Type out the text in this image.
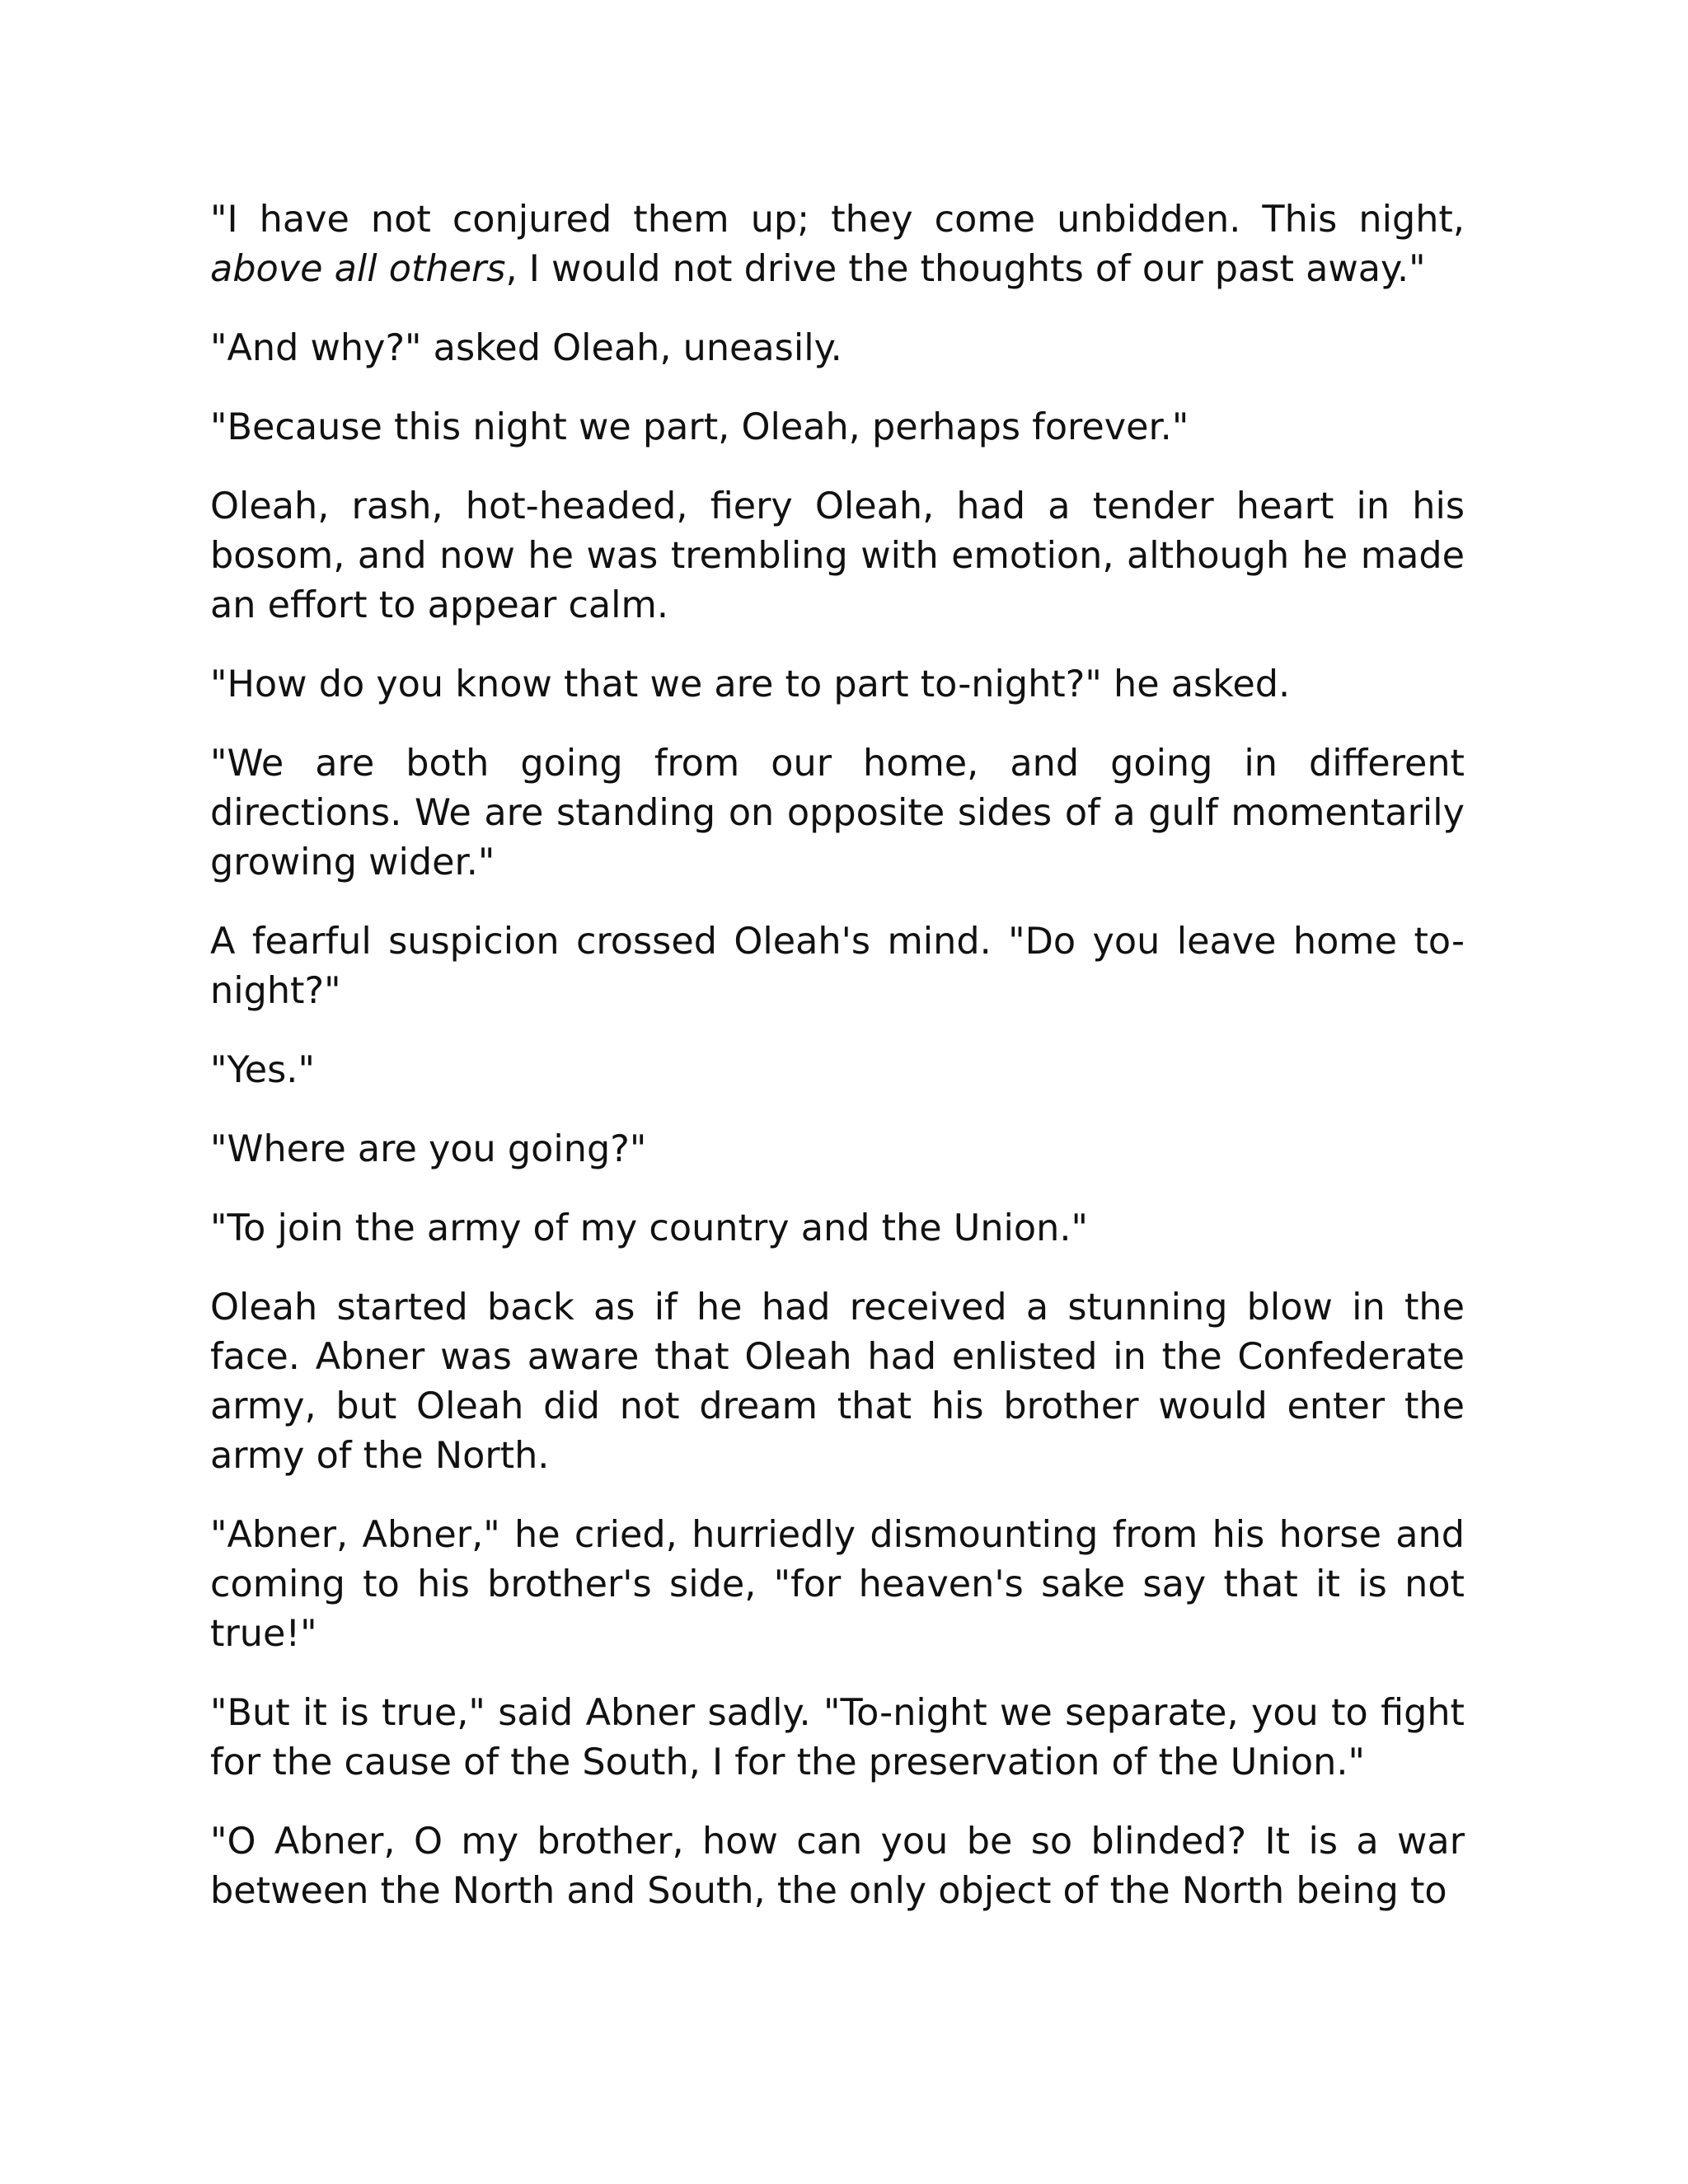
"I have not conjured them up; they come unbidden. This night, above all others, I would not drive the thoughts of our past away."

"And why?" asked Oleah, uneasily.

"Because this night we part, Oleah, perhaps forever."

Oleah, rash, hot-headed, fiery Oleah, had a tender heart in his bosom, and now he was trembling with emotion, although he made an effort to appear calm.

"How do you know that we are to part to-night?" he asked.

"We are both going from our home, and going in different directions. We are standing on opposite sides of a gulf momentarily growing wider."

A fearful suspicion crossed Oleah's mind. "Do you leave home to-night?"

"Yes."

"Where are you going?"

"To join the army of my country and the Union."

Oleah started back as if he had received a stunning blow in the face. Abner was aware that Oleah had enlisted in the Confederate army, but Oleah did not dream that his brother would enter the army of the North.

"Abner, Abner," he cried, hurriedly dismounting from his horse and coming to his brother's side, "for heaven's sake say that it is not true!"

"But it is true," said Abner sadly. "To-night we separate, you to fight for the cause of the South, I for the preservation of the Union."

"O Abner, O my brother, how can you be so blinded? It is a war between the North and South, the only object of the North being to
